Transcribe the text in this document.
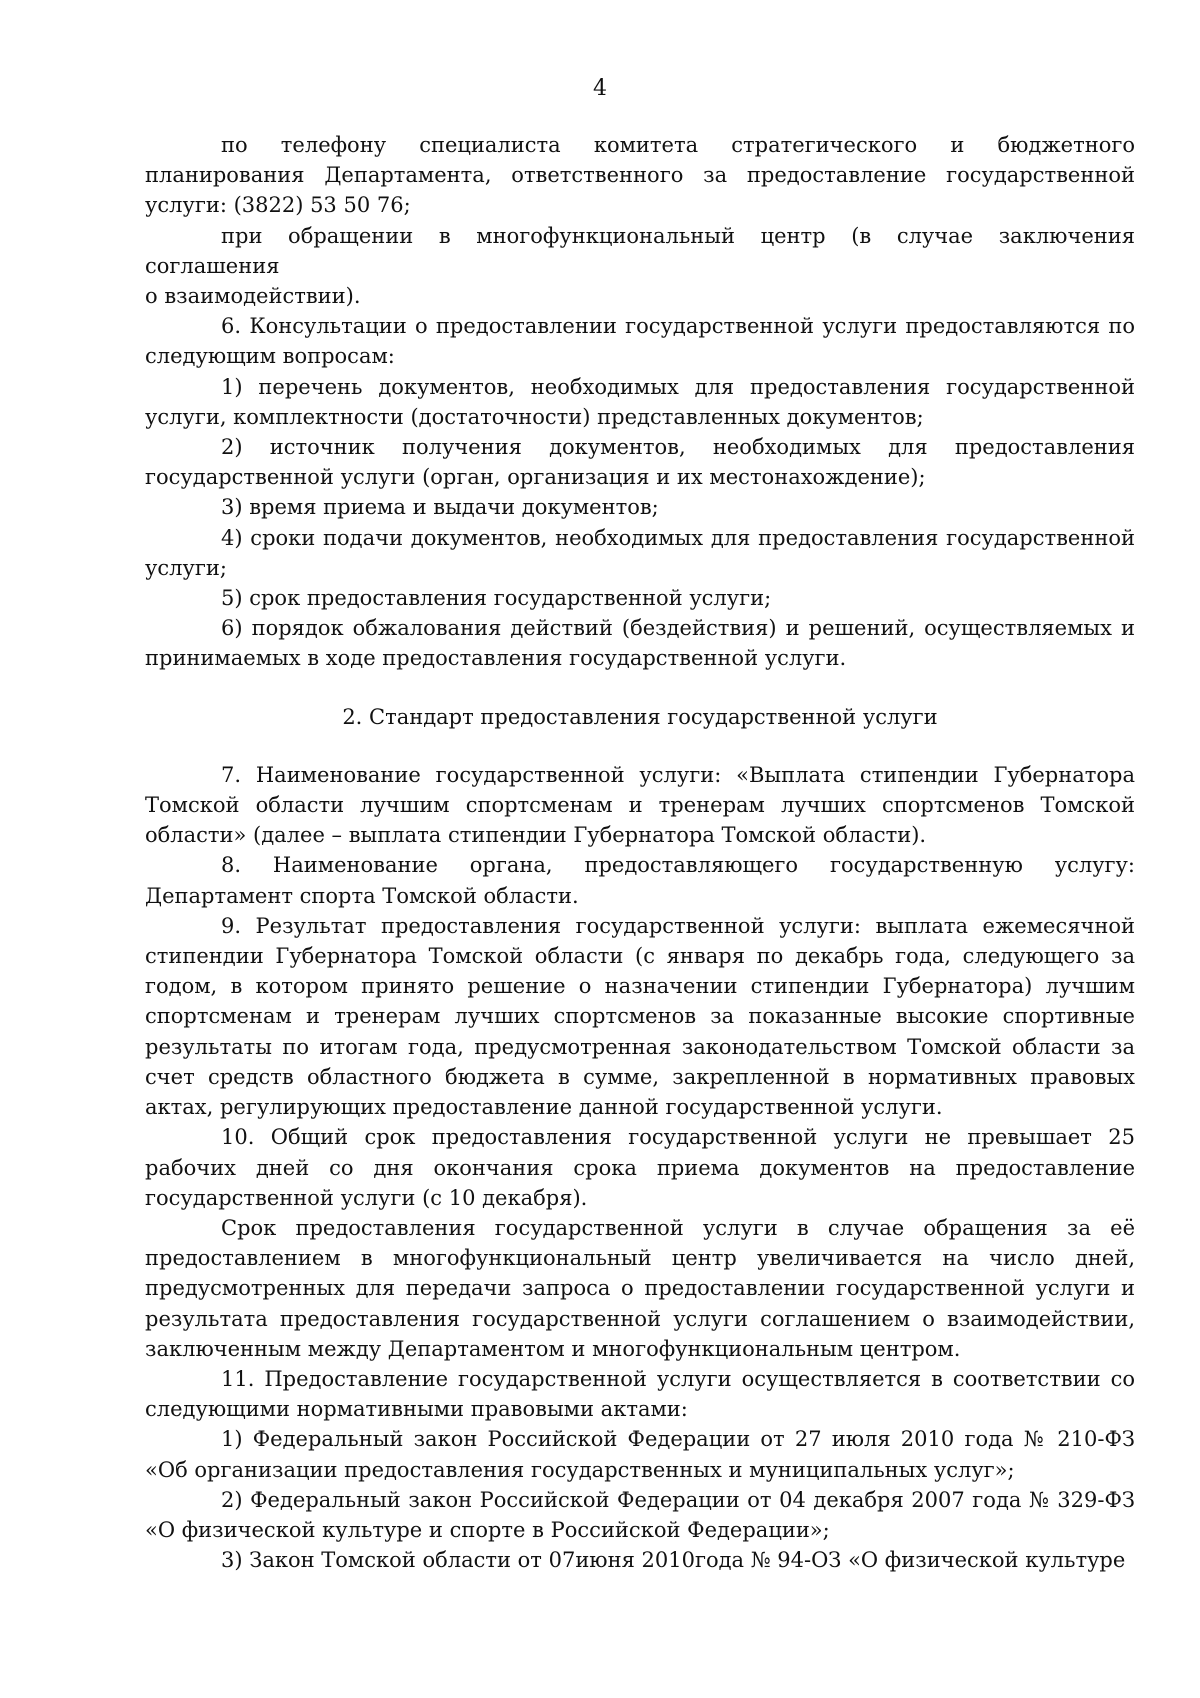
4

по телефону специалиста комитета стратегического и бюджетного планирования Департамента, ответственного за предоставление государственной услуги: (3822) 53 50 76;

при обращении в многофункциональный центр (в случае заключения соглашения

о взаимодействии).

6. Консультации о предоставлении государственной услуги предоставляются по следующим вопросам:

1) перечень документов, необходимых для предоставления государственной услуги, комплектности (достаточности) представленных документов;

2) источник получения документов, необходимых для предоставления государственной услуги (орган, организация и их местонахождение);

3) время приема и выдачи документов;

4) сроки подачи документов, необходимых для предоставления государственной услуги;

5) срок предоставления государственной услуги;

6) порядок обжалования действий (бездействия) и решений, осуществляемых и принимаемых в ходе предоставления государственной услуги.

2. Стандарт предоставления государственной услуги

7. Наименование государственной услуги: «Выплата стипендии Губернатора Томской области лучшим спортсменам и тренерам лучших спортсменов Томской области» (далее – выплата стипендии Губернатора Томской области).

8. Наименование органа, предоставляющего государственную услугу: Департамент спорта Томской области.

9. Результат предоставления государственной услуги: выплата ежемесячной стипендии Губернатора Томской области (с января по декабрь года, следующего за годом, в котором принято решение о назначении стипендии Губернатора) лучшим спортсменам и тренерам лучших спортсменов за показанные высокие спортивные результаты по итогам года, предусмотренная законодательством Томской области за счет средств областного бюджета в сумме, закрепленной в нормативных правовых актах, регулирующих предоставление данной государственной услуги.

10. Общий срок предоставления государственной услуги не превышает 25 рабочих дней со дня окончания срока приема документов на предоставление государственной услуги (с 10 декабря).

Срок предоставления государственной услуги в случае обращения за её предоставлением в многофункциональный центр увеличивается на число дней, предусмотренных для передачи запроса о предоставлении государственной услуги и результата предоставления государственной услуги соглашением о взаимодействии, заключенным между Департаментом и многофункциональным центром.

11. Предоставление государственной услуги осуществляется в соответствии со следующими нормативными правовыми актами:

1) Федеральный закон Российской Федерации от 27 июля 2010 года № 210-ФЗ «Об организации предоставления государственных и муниципальных услуг»;

2) Федеральный закон Российской Федерации от 04 декабря 2007 года № 329-ФЗ «О физической культуре и спорте в Российской Федерации»;

3) Закон Томской области от 07июня 2010года № 94-ОЗ «О физической культуре
